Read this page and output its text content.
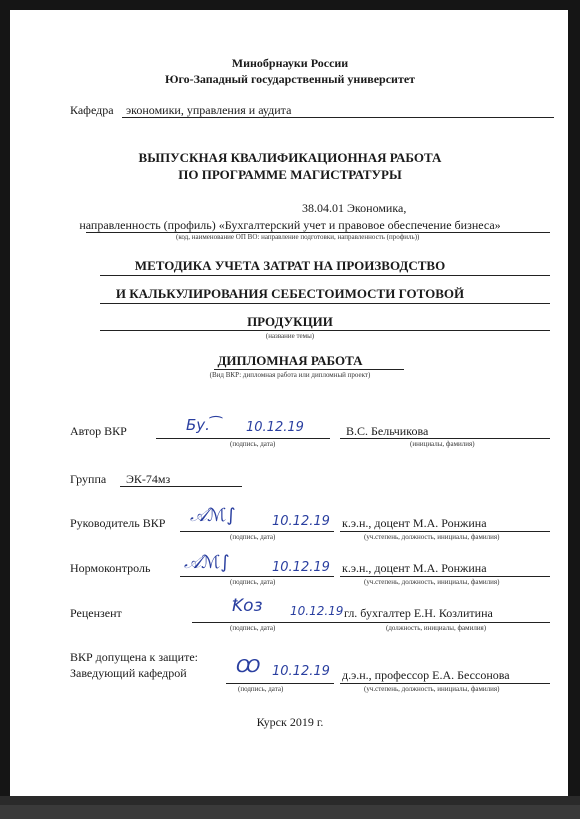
Минобрнауки России
Юго-Западный государственный университет
Кафедра экономики, управления и аудита
ВЫПУСКНАЯ КВАЛИФИКАЦИОННАЯ РАБОТА
ПО ПРОГРАММЕ МАГИСТРАТУРЫ
38.04.01 Экономика,
направленность (профиль) «Бухгалтерский учет и правовое обеспечение бизнеса»
(код, наименование ОП ВО: направление подготовки, направленность (профиль))
МЕТОДИКА УЧЕТА ЗАТРАТ НА ПРОИЗВОДСТВО
И КАЛЬКУЛИРОВАНИЯ СЕБЕСТОИМОСТИ ГОТОВОЙ
ПРОДУКЦИИ
(название темы)
ДИПЛОМНАЯ РАБОТА
(Вид ВКР: дипломная работа или дипломный проект)
Автор ВКР	Бу.⁀ 10.12.19	В.С. Бельчикова
(подпись, дата)	(инициалы, фамилия)
Группа ЭК-74мз
Руководитель ВКР 𝒜ℳ∫	10.12.19 к.э.н., доцент М.А. Ронжина
(подпись, дата)	(уч.степень, должность, инициалы, фамилия)
Нормоконтроль 𝒜ℳ∫	10.12.19 к.э.н., доцент М.А. Ронжина
(подпись, дата)	(уч.степень, должность, инициалы, фамилия)
Рецензент	Ꝁоз 10.12.19 гл. бухгалтер Е.Н. Козлитина
(подпись, дата)	(должность, инициалы, фамилия)
ВКР допущена к защите:
Заведующий кафедрой	Ꝏ 10.12.19 д.э.н., профессор Е.А. Бессонова
(подпись, дата)	(уч.степень, должность, инициалы, фамилия)
Курск 2019 г.
